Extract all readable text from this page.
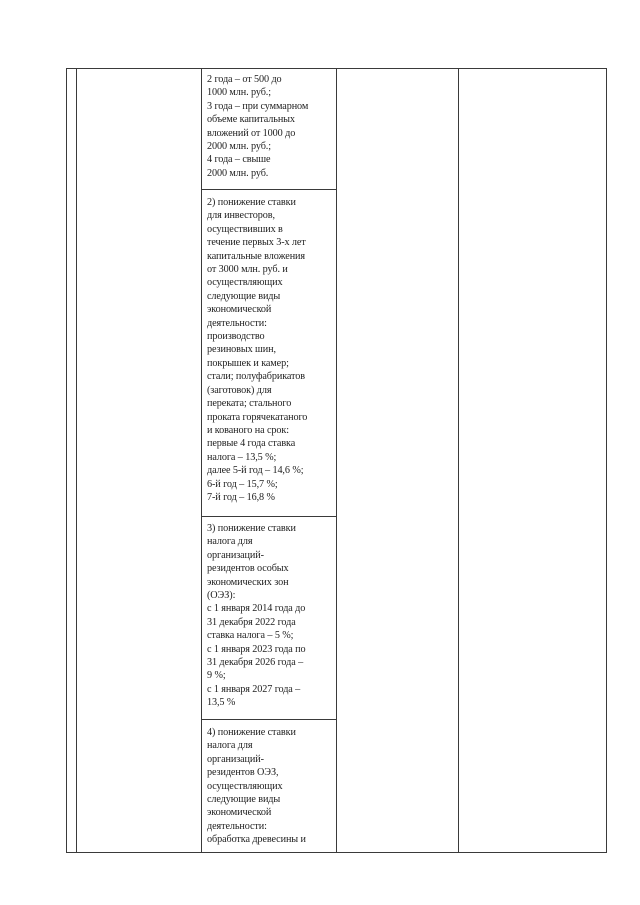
2 года – от 500 до
1000 млн. руб.;
3 года – при суммарном
объеме капитальных
вложений от 1000 до
2000 млн. руб.;
4 года – свыше
2000 млн. руб.
2) понижение ставки
для инвесторов,
осуществивших в
течение первых 3-х лет
капитальные вложения
от 3000 млн. руб. и
осуществляющих
следующие виды
экономической
деятельности:
производство
резиновых шин,
покрышек и камер;
стали; полуфабрикатов
(заготовок) для
переката; стального
проката горячекатаного
и кованого на срок:
первые 4 года ставка
налога – 13,5 %;
далее 5-й год – 14,6 %;
6-й год – 15,7 %;
7-й год – 16,8 %
3) понижение ставки
налога для
организаций-
резидентов особых
экономических зон
(ОЭЗ):
с 1 января 2014 года до
31 декабря 2022 года
ставка налога – 5 %;
с 1 января 2023 года по
31 декабря 2026 года –
9 %;
с 1 января 2027 года –
13,5 %
4) понижение ставки
налога для
организаций-
резидентов ОЭЗ,
осуществляющих
следующие виды
экономической
деятельности:
обработка древесины и
